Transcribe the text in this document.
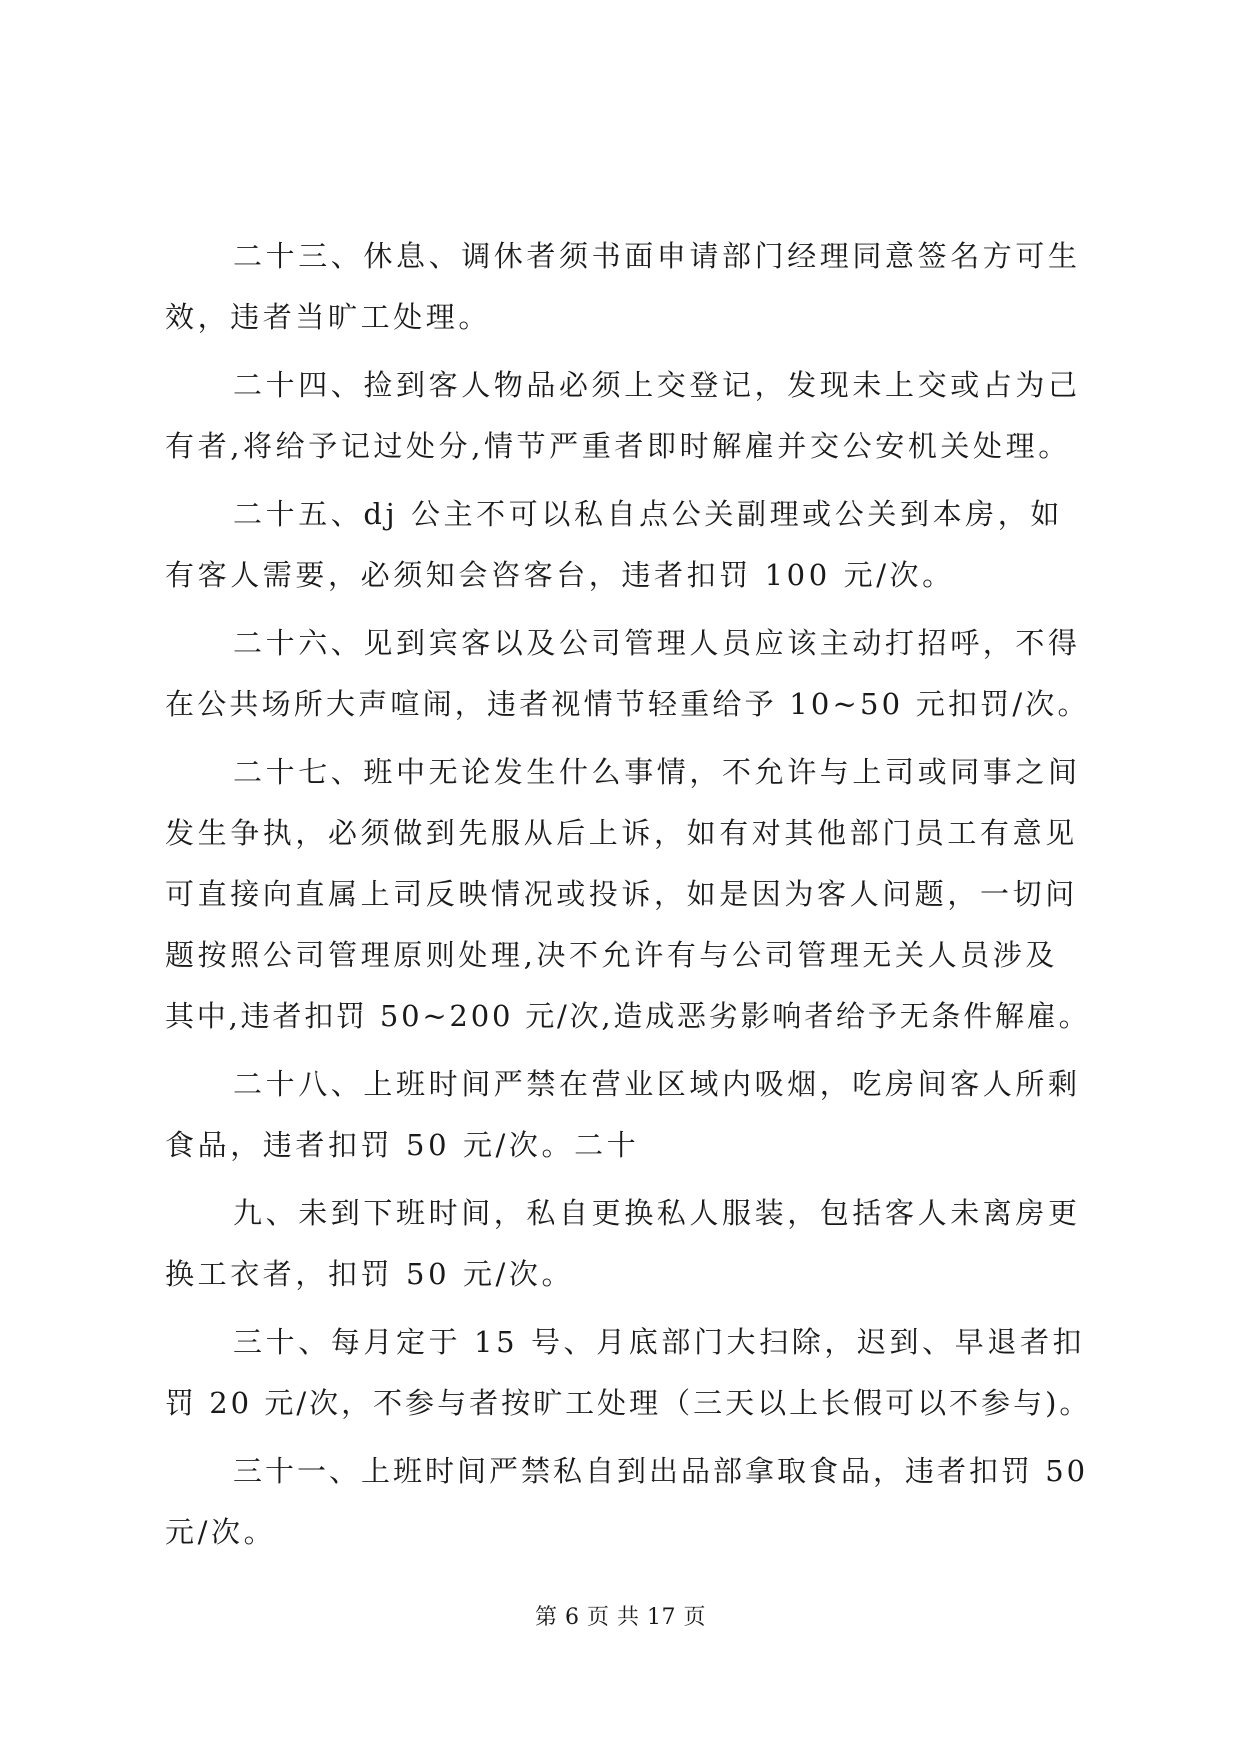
二十三、休息、调休者须书面申请部门经理同意签名方可生
效，违者当旷工处理。
二十四、捡到客人物品必须上交登记，发现未上交或占为己
有者,将给予记过处分,情节严重者即时解雇并交公安机关处理。
二十五、dj 公主不可以私自点公关副理或公关到本房，如
有客人需要，必须知会咨客台，违者扣罚 100 元/次。
二十六、见到宾客以及公司管理人员应该主动打招呼，不得
在公共场所大声喧闹，违者视情节轻重给予 10~50 元扣罚/次。
二十七、班中无论发生什么事情，不允许与上司或同事之间
发生争执，必须做到先服从后上诉，如有对其他部门员工有意见
可直接向直属上司反映情况或投诉，如是因为客人问题，一切问
题按照公司管理原则处理,决不允许有与公司管理无关人员涉及
其中,违者扣罚 50~200 元/次,造成恶劣影响者给予无条件解雇。
二十八、上班时间严禁在营业区域内吸烟，吃房间客人所剩
食品，违者扣罚 50 元/次。二十
九、未到下班时间，私自更换私人服装，包括客人未离房更
换工衣者，扣罚 50 元/次。
三十、每月定于 15 号、月底部门大扫除，迟到、早退者扣
罚 20 元/次，不参与者按旷工处理（三天以上长假可以不参与)。
三十一、上班时间严禁私自到出品部拿取食品，违者扣罚 50
元/次。
第 6 页 共 17 页
